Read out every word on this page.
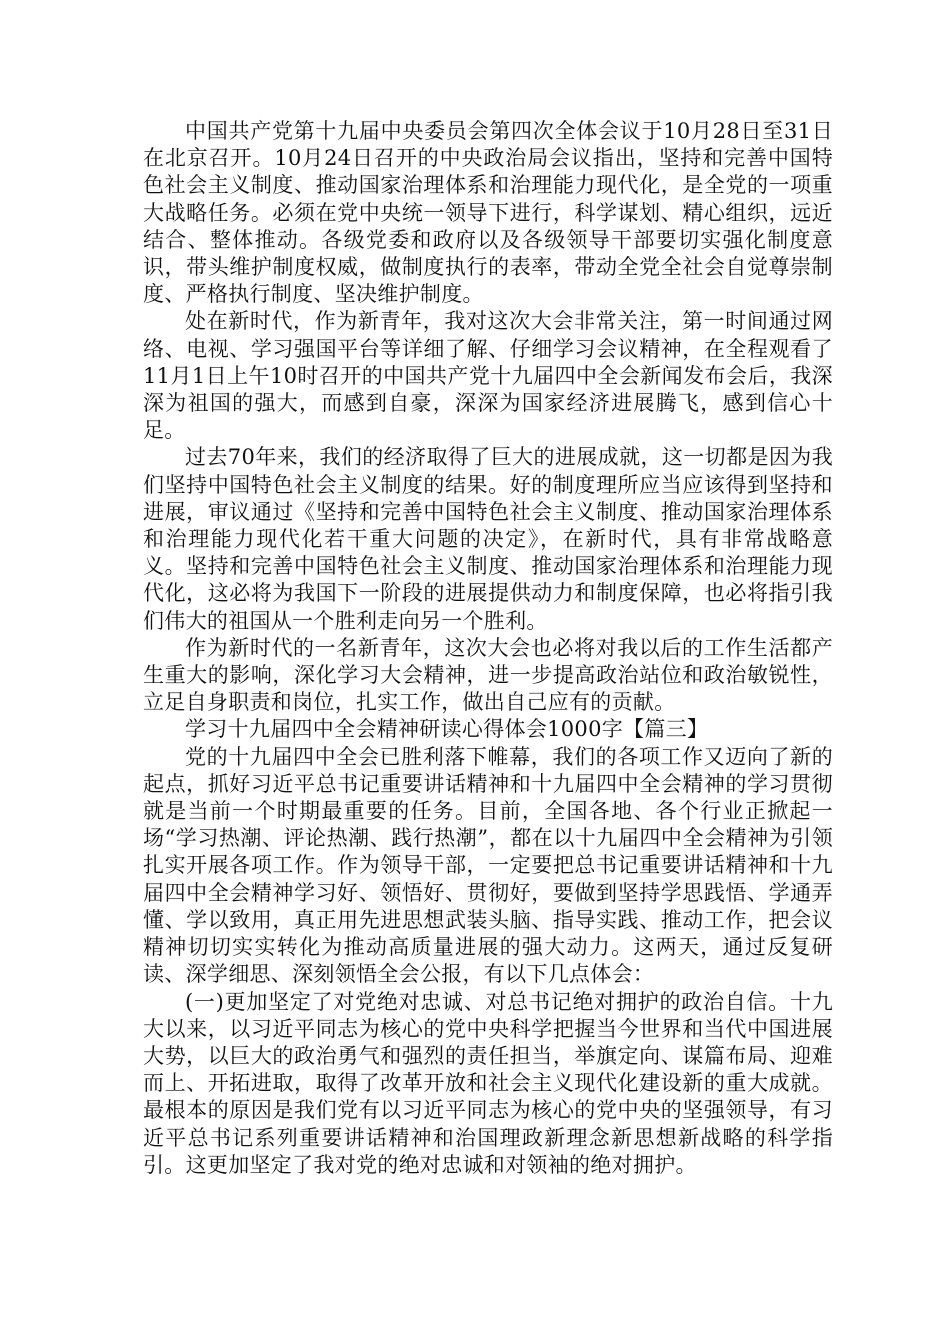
中国共产党第十九届中央委员会第四次全体会议于10月28日至31日在北京召开。10月24日召开的中央政治局会议指出，坚持和完善中国特色社会主义制度、推动国家治理体系和治理能力现代化，是全党的一项重大战略任务。必须在党中央统一领导下进行，科学谋划、精心组织，远近结合、整体推动。各级党委和政府以及各级领导干部要切实强化制度意识，带头维护制度权威，做制度执行的表率，带动全党全社会自觉尊崇制度、严格执行制度、坚决维护制度。

处在新时代，作为新青年，我对这次大会非常关注，第一时间通过网络、电视、学习强国平台等详细了解、仔细学习会议精神，在全程观看了11月1日上午10时召开的中国共产党十九届四中全会新闻发布会后，我深深为祖国的强大，而感到自豪，深深为国家经济进展腾飞，感到信心十足。

过去70年来，我们的经济取得了巨大的进展成就，这一切都是因为我们坚持中国特色社会主义制度的结果。好的制度理所应当应该得到坚持和进展，审议通过《坚持和完善中国特色社会主义制度、推动国家治理体系和治理能力现代化若干重大问题的决定》，在新时代，具有非常战略意义。坚持和完善中国特色社会主义制度、推动国家治理体系和治理能力现代化，这必将为我国下一阶段的进展提供动力和制度保障，也必将指引我们伟大的祖国从一个胜利走向另一个胜利。

作为新时代的一名新青年，这次大会也必将对我以后的工作生活都产生重大的影响，深化学习大会精神，进一步提高政治站位和政治敏锐性，立足自身职责和岗位，扎实工作，做出自己应有的贡献。

学习十九届四中全会精神研读心得体会1000字【篇三】

党的十九届四中全会已胜利落下帷幕，我们的各项工作又迈向了新的起点，抓好习近平总书记重要讲话精神和十九届四中全会精神的学习贯彻就是当前一个时期最重要的任务。目前，全国各地、各个行业正掀起一场“学习热潮、评论热潮、践行热潮”，都在以十九届四中全会精神为引领扎实开展各项工作。作为领导干部，一定要把总书记重要讲话精神和十九届四中全会精神学习好、领悟好、贯彻好，要做到坚持学思践悟、学通弄懂、学以致用，真正用先进思想武装头脑、指导实践、推动工作，把会议精神切切实实转化为推动高质量进展的强大动力。这两天，通过反复研读、深学细思、深刻领悟全会公报，有以下几点体会：

(一)更加坚定了对党绝对忠诚、对总书记绝对拥护的政治自信。十九大以来，以习近平同志为核心的党中央科学把握当今世界和当代中国进展大势，以巨大的政治勇气和强烈的责任担当，举旗定向、谋篇布局、迎难而上、开拓进取，取得了改革开放和社会主义现代化建设新的重大成就。最根本的原因是我们党有以习近平同志为核心的党中央的坚强领导，有习近平总书记系列重要讲话精神和治国理政新理念新思想新战略的科学指引。这更加坚定了我对党的绝对忠诚和对领袖的绝对拥护。
